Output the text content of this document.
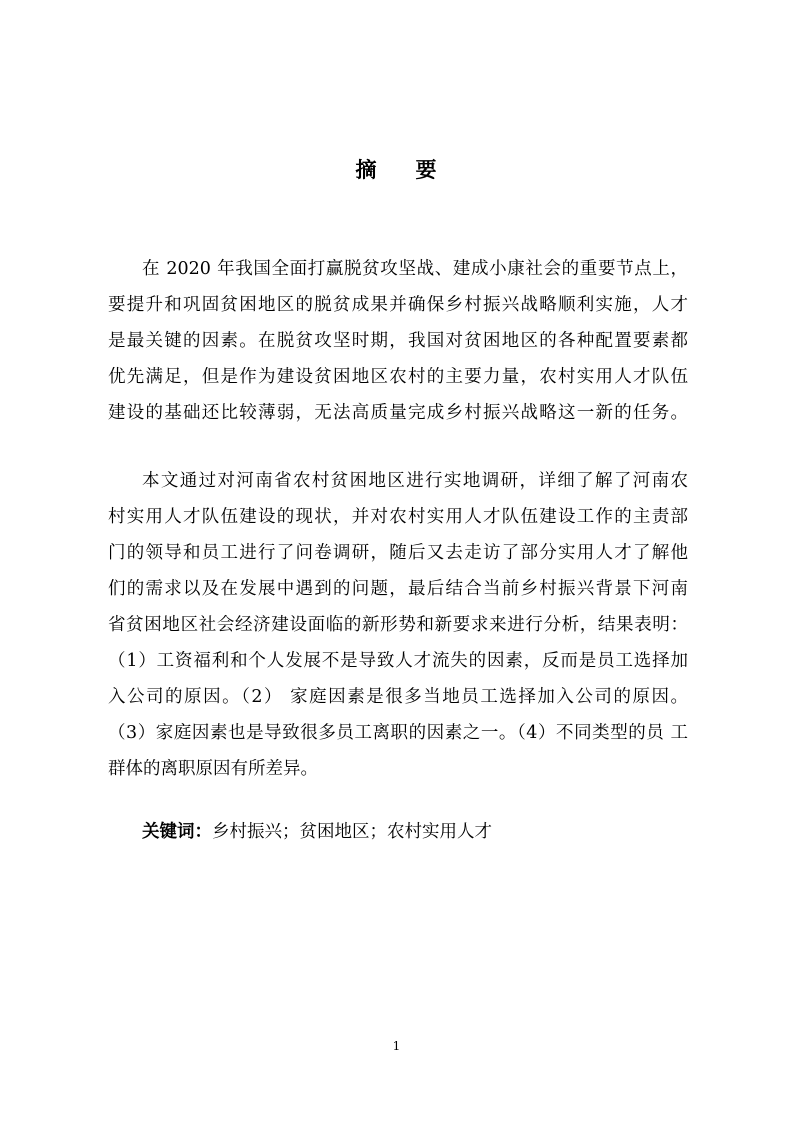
摘 要
在 2020 年我国全面打赢脱贫攻坚战、建成小康社会的重要节点上，
要提升和巩固贫困地区的脱贫成果并确保乡村振兴战略顺利实施，人才
是最关键的因素。在脱贫攻坚时期，我国对贫困地区的各种配置要素都
优先满足，但是作为建设贫困地区农村的主要力量，农村实用人才队伍
建设的基础还比较薄弱，无法高质量完成乡村振兴战略这一新的任务。
本文通过对河南省农村贫困地区进行实地调研，详细了解了河南农
村实用人才队伍建设的现状，并对农村实用人才队伍建设工作的主责部
门的领导和员工进行了问卷调研，随后又去走访了部分实用人才了解他
们的需求以及在发展中遇到的问题，最后结合当前乡村振兴背景下河南
省贫困地区社会经济建设面临的新形势和新要求来进行分析，结果表明：
（1）工资福利和个人发展不是导致人才流失的因素，反而是员工选择加
入公司的原因。（2） 家庭因素是很多当地员工选择加入公司的原因。
（3）家庭因素也是导致很多员工离职的因素之一。（4）不同类型的员 工
群体的离职原因有所差异。
关键词：乡村振兴；贫困地区；农村实用人才
1
